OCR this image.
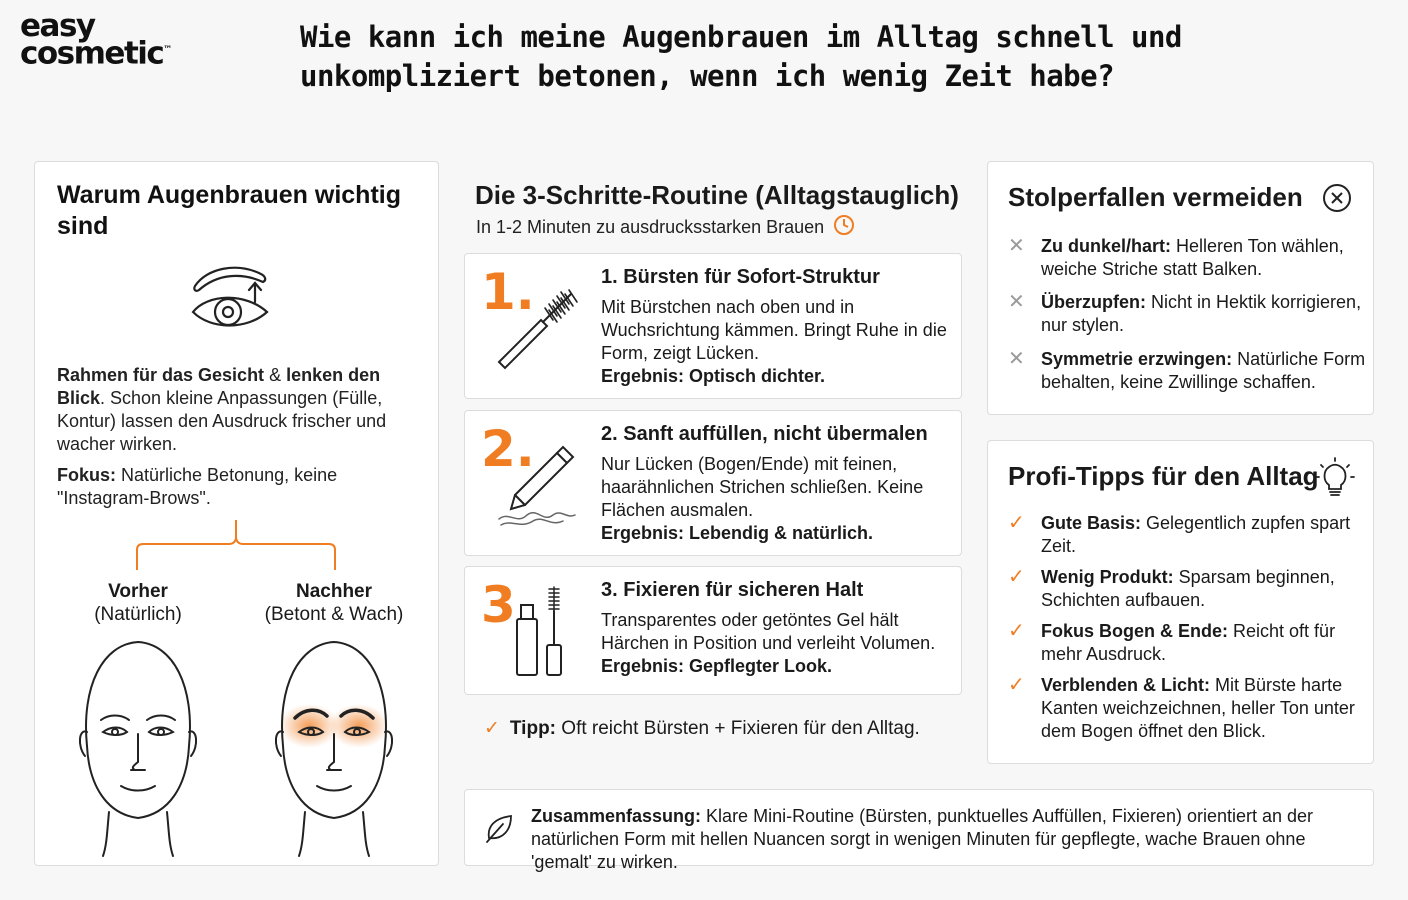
easy
cosmetic™	Wie kann ich meine Augenbrauen im Alltag schnell und unkompliziert betonen, wenn ich wenig Zeit habe?
Warum Augenbrauen wichtig sind
Rahmen für das Gesicht & lenken den Blick. Schon kleine Anpassungen (Fülle, Kontur) lassen den Ausdruck frischer und wacher wirken.
Fokus: Natürliche Betonung, keine "Instagram-Brows".
Vorher
(Natürlich)
Nachher
(Betont & Wach)
Die 3-Schritte-Routine (Alltagstauglich)
In 1-2 Minuten zu ausdrucksstarken Brauen
1.	1. Bürsten für Sofort-Struktur
Mit Bürstchen nach oben und in Wuchsrichtung kämmen. Bringt Ruhe in die Form, zeigt Lücken.
Ergebnis: Optisch dichter.
2.	2. Sanft auffüllen, nicht übermalen
Nur Lücken (Bogen/Ende) mit feinen, haarähnlichen Strichen schließen. Keine Flächen ausmalen.
Ergebnis: Lebendig & natürlich.
3	3. Fixieren für sicheren Halt
Transparentes oder getöntes Gel hält Härchen in Position und verleiht Volumen.
Ergebnis: Gepflegter Look.
✓ Tipp: Oft reicht Bürsten + Fixieren für den Alltag.
Stolperfallen vermeiden
✕ Zu dunkel/hart: Helleren Ton wählen, weiche Striche statt Balken.
✕ Überzupfen: Nicht in Hektik korrigieren, nur stylen.
✕ Symmetrie erzwingen: Natürliche Form behalten, keine Zwillinge schaffen.
Profi-Tipps für den Alltag
✓ Gute Basis: Gelegentlich zupfen spart Zeit.
✓ Wenig Produkt: Sparsam beginnen, Schichten aufbauen.
✓ Fokus Bogen & Ende: Reicht oft für mehr Ausdruck.
✓ Verblenden & Licht: Mit Bürste harte Kanten weichzeichnen, heller Ton unter dem Bogen öffnet den Blick.
Zusammenfassung: Klare Mini-Routine (Bürsten, punktuelles Auffüllen, Fixieren) orientiert an der natürlichen Form mit hellen Nuancen sorgt in wenigen Minuten für gepflegte, wache Brauen ohne 'gemalt' zu wirken.
